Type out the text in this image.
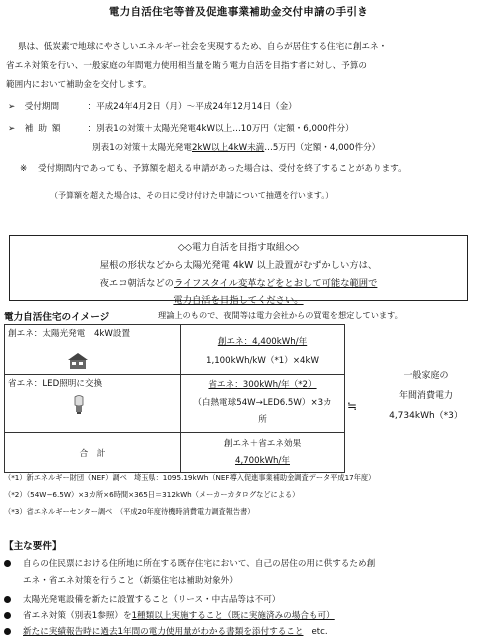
電力自活住宅等普及促進事業補助金交付申請の手引き
県は、低炭素で地球にやさしいエネルギー社会を実現するため、自らが居住する住宅に創エネ・
省エネ対策を行い、一般家庭の年間電力使用相当量を賄う電力自活を目指す者に対し、予算の
範囲内において補助金を交付します。
➢ 受付期間	：平成24年4月2日（月）〜平成24年12月14日（金）
➢ 補助額	：別表1の対策＋太陽光発電4kW以上…10万円（定額・6,000件分）
別表1の対策＋太陽光発電2kW以上4kW未満…5万円（定額・4,000件分）
※ 受付期間内であっても、予算額を超える申請があった場合は、受付を終了することがあります。
（予算額を超えた場合は、その日に受け付けた申請について抽選を行います。）
◇◇電力自活を目指す取組◇◇
屋根の形状などから太陽光発電 4kW 以上設置がむずかしい方は、
夜エコ朝活などのライフスタイル変革などをとおして可能な範囲で
電力自活を目指してください。
電力自活住宅のイメージ	理論上のもので、夜間等は電力会社からの買電を想定しています。
創エネ：太陽光発電　4kW設置	創エネ：4,400kWh/年
1,100kWh/kW（*1）×4kW

省エネ：LED照明に交換	省エネ：300kWh/年（*2）
（白熱電球54W→LED6.5W）×3カ
所

合　計	創エネ＋省エネ効果
4,700kWh/年
≒
一般家庭の
年間消費電力
4,734kWh（*3）
（*1）新エネルギー財団（NEF）調べ　埼玉県：1095.19kWh（NEF導入促進事業補助金調査データ平成17年度）
（*2）（54W−6.5W）×3カ所×6時間×365日＝312kWh（メーカーカタログなどによる）
（*3）省エネルギーセンター調べ　（平成20年度待機時消費電力調査報告書）
【主な要件】
自らの住民票における住所地に所在する既存住宅において、自己の居住の用に供するため創
エネ・省エネ対策を行うこと（新築住宅は補助対象外）
太陽光発電設備を新たに設置すること（リース・中古品等は不可）
省エネ対策（別表1参照）を1種類以上実施すること（既に実施済みの場合も可）
新たに実績報告時に過去1年間の電力使用量がわかる書類を添付すること etc.
